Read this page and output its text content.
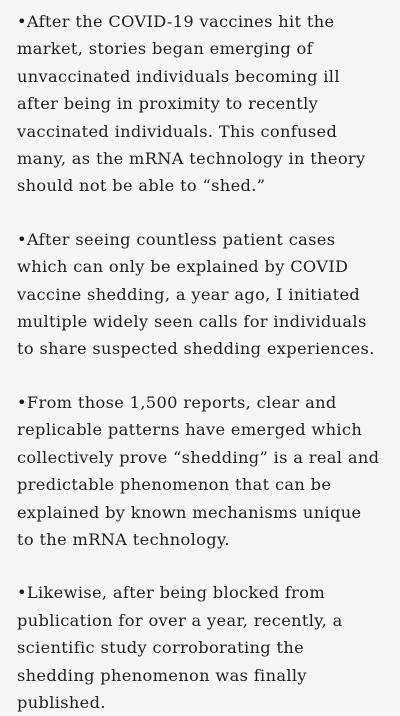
•After the COVID-19 vaccines hit the
market, stories began emerging of
unvaccinated individuals becoming ill
after being in proximity to recently
vaccinated individuals. This confused
many, as the mRNA technology in theory
should not be able to “shed.”

•After seeing countless patient cases
which can only be explained by COVID
vaccine shedding, a year ago, I initiated
multiple widely seen calls for individuals
to share suspected shedding experiences.

•From those 1,500 reports, clear and
replicable patterns have emerged which
collectively prove “shedding” is a real and
predictable phenomenon that can be
explained by known mechanisms unique
to the mRNA technology.

•Likewise, after being blocked from
publication for over a year, recently, a
scientific study corroborating the
shedding phenomenon was finally
published.
